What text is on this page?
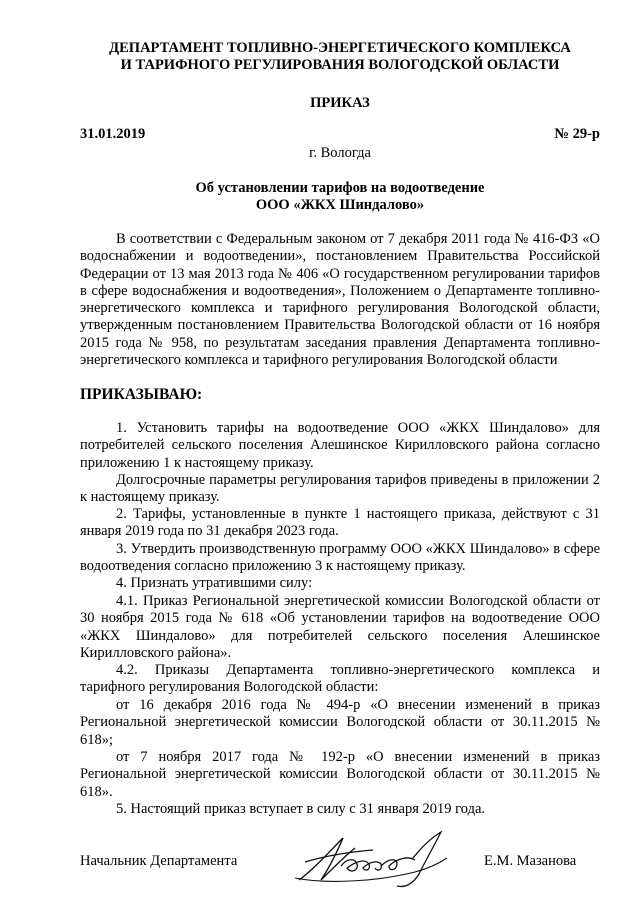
ДЕПАРТАМЕНТ ТОПЛИВНО-ЭНЕРГЕТИЧЕСКОГО КОМПЛЕКСА

И ТАРИФНОГО РЕГУЛИРОВАНИЯ ВОЛОГОДСКОЙ ОБЛАСТИ

ПРИКАЗ

31.01.2019	№ 29-р

г. Вологда

Об установлении тарифов на водоотведение

ООО «ЖКХ Шиндалово»

В соответствии с Федеральным законом от 7 декабря 2011 года № 416-ФЗ «О водоснабжении и водоотведении», постановлением Правительства Российской Федерации от 13 мая 2013 года № 406 «О государственном регулировании тарифов в сфере водоснабжения и водоотведения», Положением о Департаменте топливно-энергетического комплекса и тарифного регулирования Вологодской области, утвержденным постановлением Правительства Вологодской области от 16 ноября 2015 года № 958, по результатам заседания правления Департамента топливно-энергетического комплекса и тарифного регулирования Вологодской области

ПРИКАЗЫВАЮ:

1. Установить тарифы на водоотведение ООО «ЖКХ Шиндалово» для потребителей сельского поселения Алешинское Кирилловского района согласно приложению 1 к настоящему приказу.

Долгосрочные параметры регулирования тарифов приведены в приложении 2 к настоящему приказу.

2. Тарифы, установленные в пункте 1 настоящего приказа, действуют с 31 января 2019 года по 31 декабря 2023 года.

3. Утвердить производственную программу ООО «ЖКХ Шиндалово» в сфере водоотведения согласно приложению 3 к настоящему приказу.

4. Признать утратившими силу:

4.1. Приказ Региональной энергетической комиссии Вологодской области от 30 ноября 2015 года № 618 «Об установлении тарифов на водоотведение ООО «ЖКХ Шиндалово» для потребителей сельского поселения Алешинское Кирилловского района».

4.2. Приказы Департамента топливно-энергетического комплекса и тарифного регулирования Вологодской области:

от 16 декабря 2016 года № 494-р «О внесении изменений в приказ Региональной энергетической комиссии Вологодской области от 30.11.2015 № 618»;

от 7 ноября 2017 года № 192-р «О внесении изменений в приказ Региональной энергетической комиссии Вологодской области от 30.11.2015 № 618».

5. Настоящий приказ вступает в силу с 31 января 2019 года.

Начальник Департамента	Е.М. Мазанова
